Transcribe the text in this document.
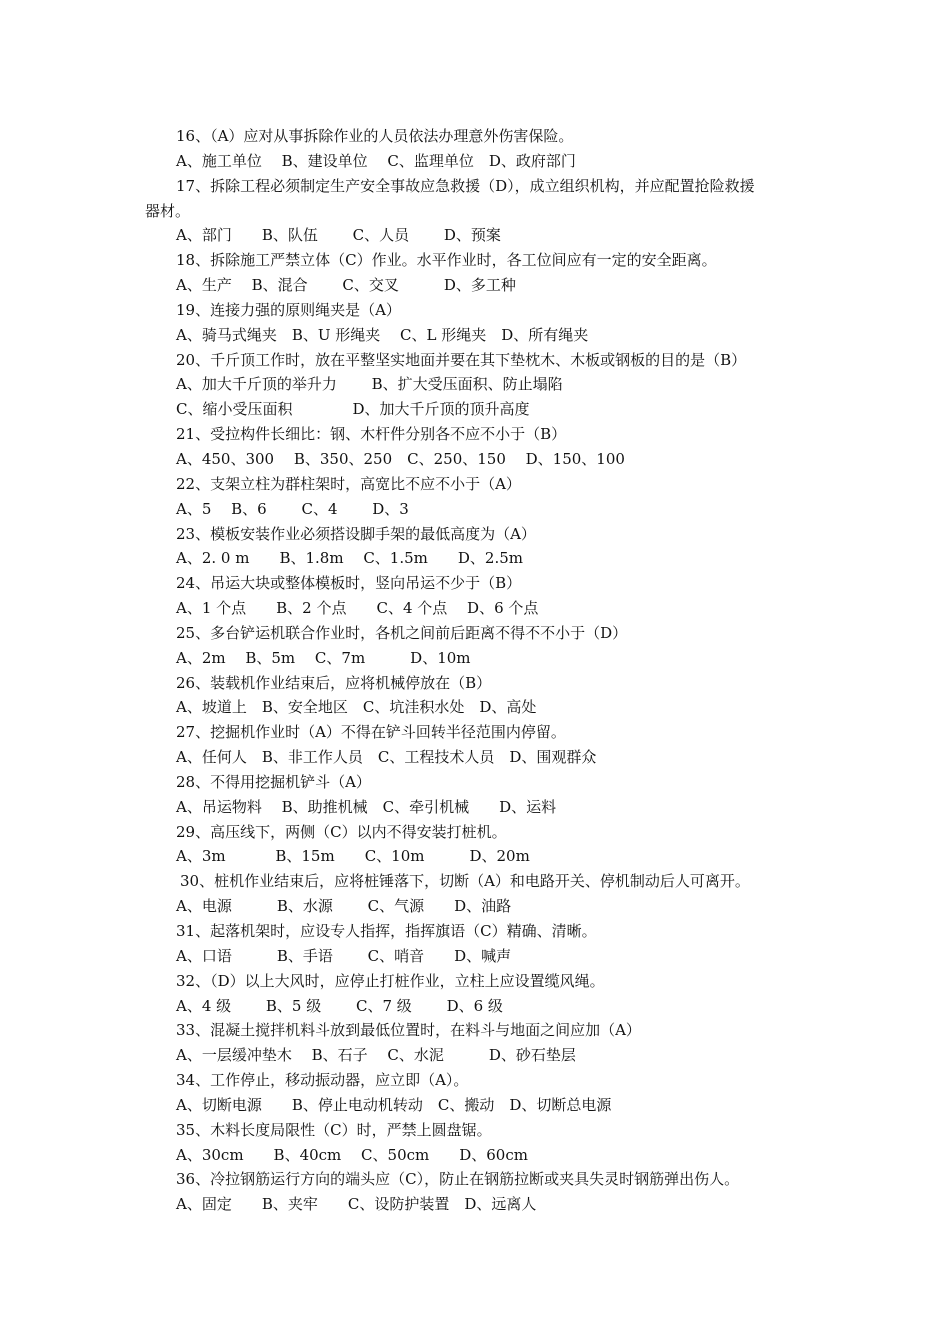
16、（A）应对从事拆除作业的人员依法办理意外伤害保险。
A、施工单位　 B、建设单位　 C、监理单位　D、政府部门
17、拆除工程必须制定生产安全事故应急救援（D），成立组织机构，并应配置抢险救援
器材。
A、部门　　B、队伍　　 C、人员　　 D、预案
18、拆除施工严禁立体（C）作业。水平作业时，各工位间应有一定的安全距离。
A、生产　 B、混合　　 C、交叉　　　D、多工种
19、连接力强的原则绳夹是（A）
A、骑马式绳夹　B、U 形绳夹　 C、L 形绳夹　D、所有绳夹
20、千斤顶工作时，放在平整坚实地面并要在其下垫枕木、木板或钢板的目的是（B）
A、加大千斤顶的举升力　　 B、扩大受压面积、防止塌陷
C、缩小受压面积　　　　D、加大千斤顶的顶升高度
21、受拉构件长细比：钢、木杆件分别各不应不小于（B）
A、450、300　 B、350、250　C、250、150　 D、150、100
22、支架立柱为群柱架时，高宽比不应不小于（A）
A、5　 B、6　　 C、4　　 D、3
23、模板安装作业必须搭设脚手架的最低高度为（A）
A、2. 0 m　　B、1.8m　 C、1.5m　　D、2.5m
24、吊运大块或整体模板时，竖向吊运不少于（B）
A、1 个点　　B、2 个点　　C、4 个点　 D、6 个点
25、多台铲运机联合作业时，各机之间前后距离不得不不小于（D）
A、2m　 B、5m　 C、7m　　　D、10m
26、装载机作业结束后，应将机械停放在（B）
A、坡道上　B、安全地区　C、坑洼积水处　D、高处
27、挖掘机作业时（A）不得在铲斗回转半径范围内停留。
A、任何人　B、非工作人员　C、工程技术人员　D、围观群众
28、不得用挖掘机铲斗（A）
A、吊运物料　 B、助推机械　C、牵引机械　　D、运料
29、高压线下，两侧（C）以内不得安装打桩机。
A、3m　　　 B、15m　　C、10m　　　D、20m
30、桩机作业结束后，应将桩锤落下，切断（A）和电路开关、停机制动后人可离开。
A、电源　　　B、水源　　 C、气源　　D、油路
31、起落机架时，应设专人指挥，指挥旗语（C）精确、清晰。
A、口语　　　B、手语　　 C、哨音　　D、喊声
32、（D）以上大风时，应停止打桩作业，立柱上应设置缆风绳。
A、4 级　　 B、5 级　　 C、7 级　　 D、6 级
33、混凝土搅拌机料斗放到最低位置时，在料斗与地面之间应加（A）
A、一层缓冲垫木　 B、石子　 C、水泥　　　D、砂石垫层
34、工作停止，移动振动器，应立即（A）。
A、切断电源　　B、停止电动机转动　C、搬动　D、切断总电源
35、木料长度局限性（C）时，严禁上圆盘锯。
A、30cm　　B、40cm　 C、50cm　　D、60cm
36、冷拉钢筋运行方向的端头应（C），防止在钢筋拉断或夹具失灵时钢筋弹出伤人。
A、固定　　B、夹牢　　C、设防护装置　D、远离人
